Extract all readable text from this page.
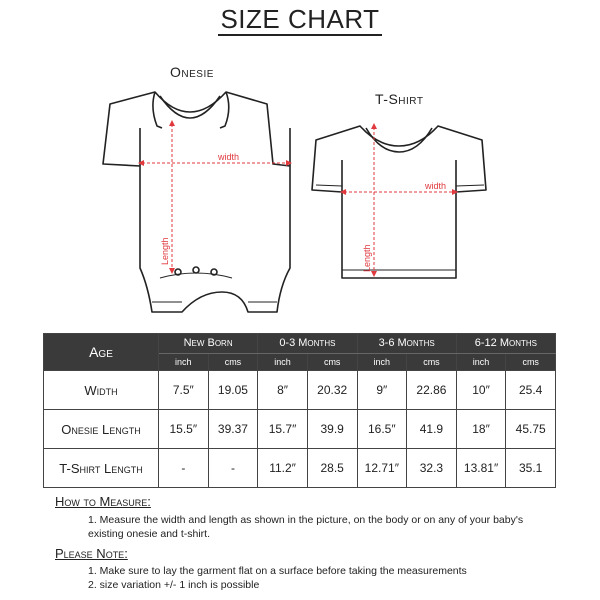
SIZE CHART
Onesie
T-Shirt
width
Length
width
Length
Age	New Born		0-3 Months		3-6 Months		6-12 Months	
	inch	cms	inch	cms	inch	cms	inch	cms
Width	7.5″	19.05	8″	20.32	9″	22.86	10″	25.4
Onesie Length	15.5″	39.37	15.7″	39.9	16.5″	41.9	18″	45.75
T-Shirt Length	-	-	11.2″	28.5	12.71″	32.3	13.81″	35.1
How to Measure:
1. Measure the width and length as shown in the picture, on the body or on any of your baby's
existing onesie and t-shirt.
Please Note:
1. Make sure to lay the garment flat on a surface before taking the measurements
2. size variation +/- 1 inch is possible
